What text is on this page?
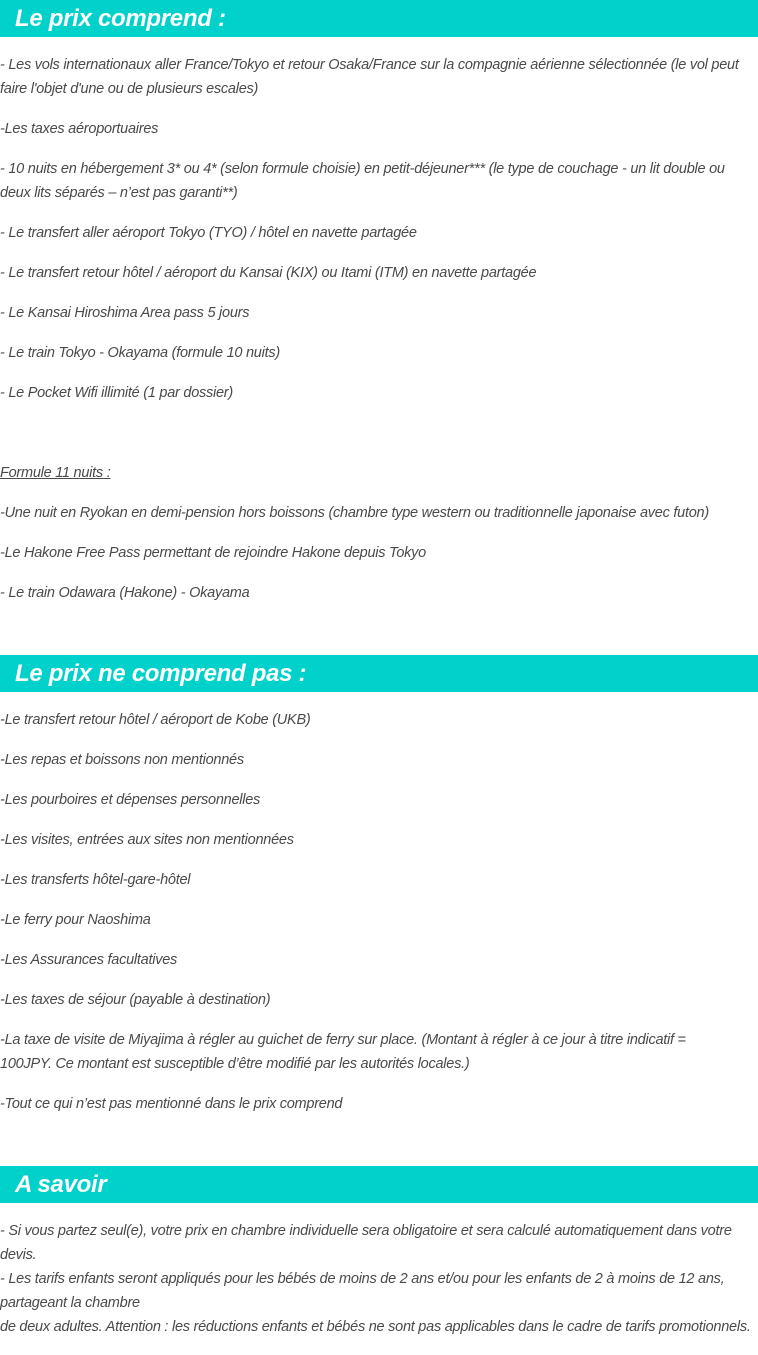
Le prix comprend :
- Les vols internationaux aller France/Tokyo et retour Osaka/France sur la compagnie aérienne sélectionnée (le vol peut
faire l'objet d'une ou de plusieurs escales)
-Les taxes aéroportuaires
- 10 nuits en hébergement 3* ou 4* (selon formule choisie) en petit-déjeuner*** (le type de couchage - un lit double ou
deux lits séparés – n’est pas garanti**)
- Le transfert aller aéroport Tokyo (TYO) / hôtel en navette partagée
- Le transfert retour hôtel / aéroport du Kansai (KIX) ou Itami (ITM) en navette partagée
- Le Kansai Hiroshima Area pass 5 jours
- Le train Tokyo - Okayama (formule 10 nuits)
- Le Pocket Wifi illimité (1 par dossier)
Formule 11 nuits :
-Une nuit en Ryokan en demi-pension hors boissons (chambre type western ou traditionnelle japonaise avec futon)
-Le Hakone Free Pass permettant de rejoindre Hakone depuis Tokyo
- Le train Odawara (Hakone) - Okayama
Le prix ne comprend pas :
-Le transfert retour hôtel / aéroport de Kobe (UKB)
-Les repas et boissons non mentionnés
-Les pourboires et dépenses personnelles
-Les visites, entrées aux sites non mentionnées
-Les transferts hôtel-gare-hôtel
-Le ferry pour Naoshima
-Les Assurances facultatives
-Les taxes de séjour (payable à destination)
-La taxe de visite de Miyajima à régler au guichet de ferry sur place. (Montant à régler à ce jour à titre indicatif =
100JPY. Ce montant est susceptible d’être modifié par les autorités locales.)
-Tout ce qui n’est pas mentionné dans le prix comprend
A savoir
- Si vous partez seul(e), votre prix en chambre individuelle sera obligatoire et sera calculé automatiquement dans votre
devis.
- Les tarifs enfants seront appliqués pour les bébés de moins de 2 ans et/ou pour les enfants de 2 à moins de 12 ans,
partageant la chambre
de deux adultes. Attention : les réductions enfants et bébés ne sont pas applicables dans le cadre de tarifs promotionnels.
